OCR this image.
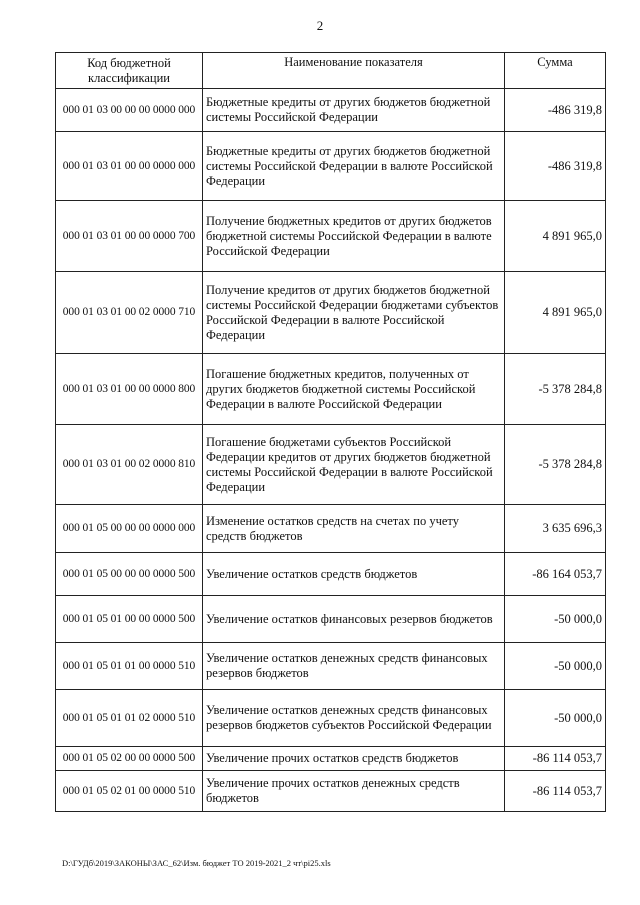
2
Код бюджетной классификации	Наименование показателя	Сумма
000 01 03 00 00 00 0000 000	Бюджетные кредиты от других бюджетов бюджетной системы Российской Федерации	-486 319,8
000 01 03 01 00 00 0000 000	Бюджетные кредиты от других бюджетов бюджетной системы Российской Федерации в валюте Российской Федерации	-486 319,8
000 01 03 01 00 00 0000 700	Получение бюджетных кредитов от других бюджетов бюджетной системы Российской Федерации в валюте Российской Федерации	4 891 965,0
000 01 03 01 00 02 0000 710	Получение кредитов от других бюджетов бюджетной системы Российской Федерации бюджетами субъектов Российской Федерации в валюте Российской Федерации	4 891 965,0
000 01 03 01 00 00 0000 800	Погашение бюджетных кредитов, полученных от других бюджетов бюджетной системы Российской Федерации в валюте Российской Федерации	-5 378 284,8
000 01 03 01 00 02 0000 810	Погашение бюджетами субъектов Российской Федерации кредитов от других бюджетов бюджетной системы Российской Федерации в валюте Российской Федерации	-5 378 284,8
000 01 05 00 00 00 0000 000	Изменение остатков средств на счетах по учету средств бюджетов	3 635 696,3
000 01 05 00 00 00 0000 500	Увеличение остатков средств бюджетов	-86 164 053,7
000 01 05 01 00 00 0000 500	Увеличение остатков финансовых резервов бюджетов	-50 000,0
000 01 05 01 01 00 0000 510	Увеличение остатков денежных средств финансовых резервов бюджетов	-50 000,0
000 01 05 01 01 02 0000 510	Увеличение остатков денежных средств финансовых резервов бюджетов субъектов Российской Федерации	-50 000,0
000 01 05 02 00 00 0000 500	Увеличение прочих остатков средств бюджетов	-86 114 053,7
000 01 05 02 01 00 0000 510	Увеличение прочих остатков денежных средств бюджетов	-86 114 053,7
D:\ГУДб\2019\ЗАКОНЫ\ЗАС_62\Изм. бюджет ТО 2019-2021_2 чт\pi25.xls
